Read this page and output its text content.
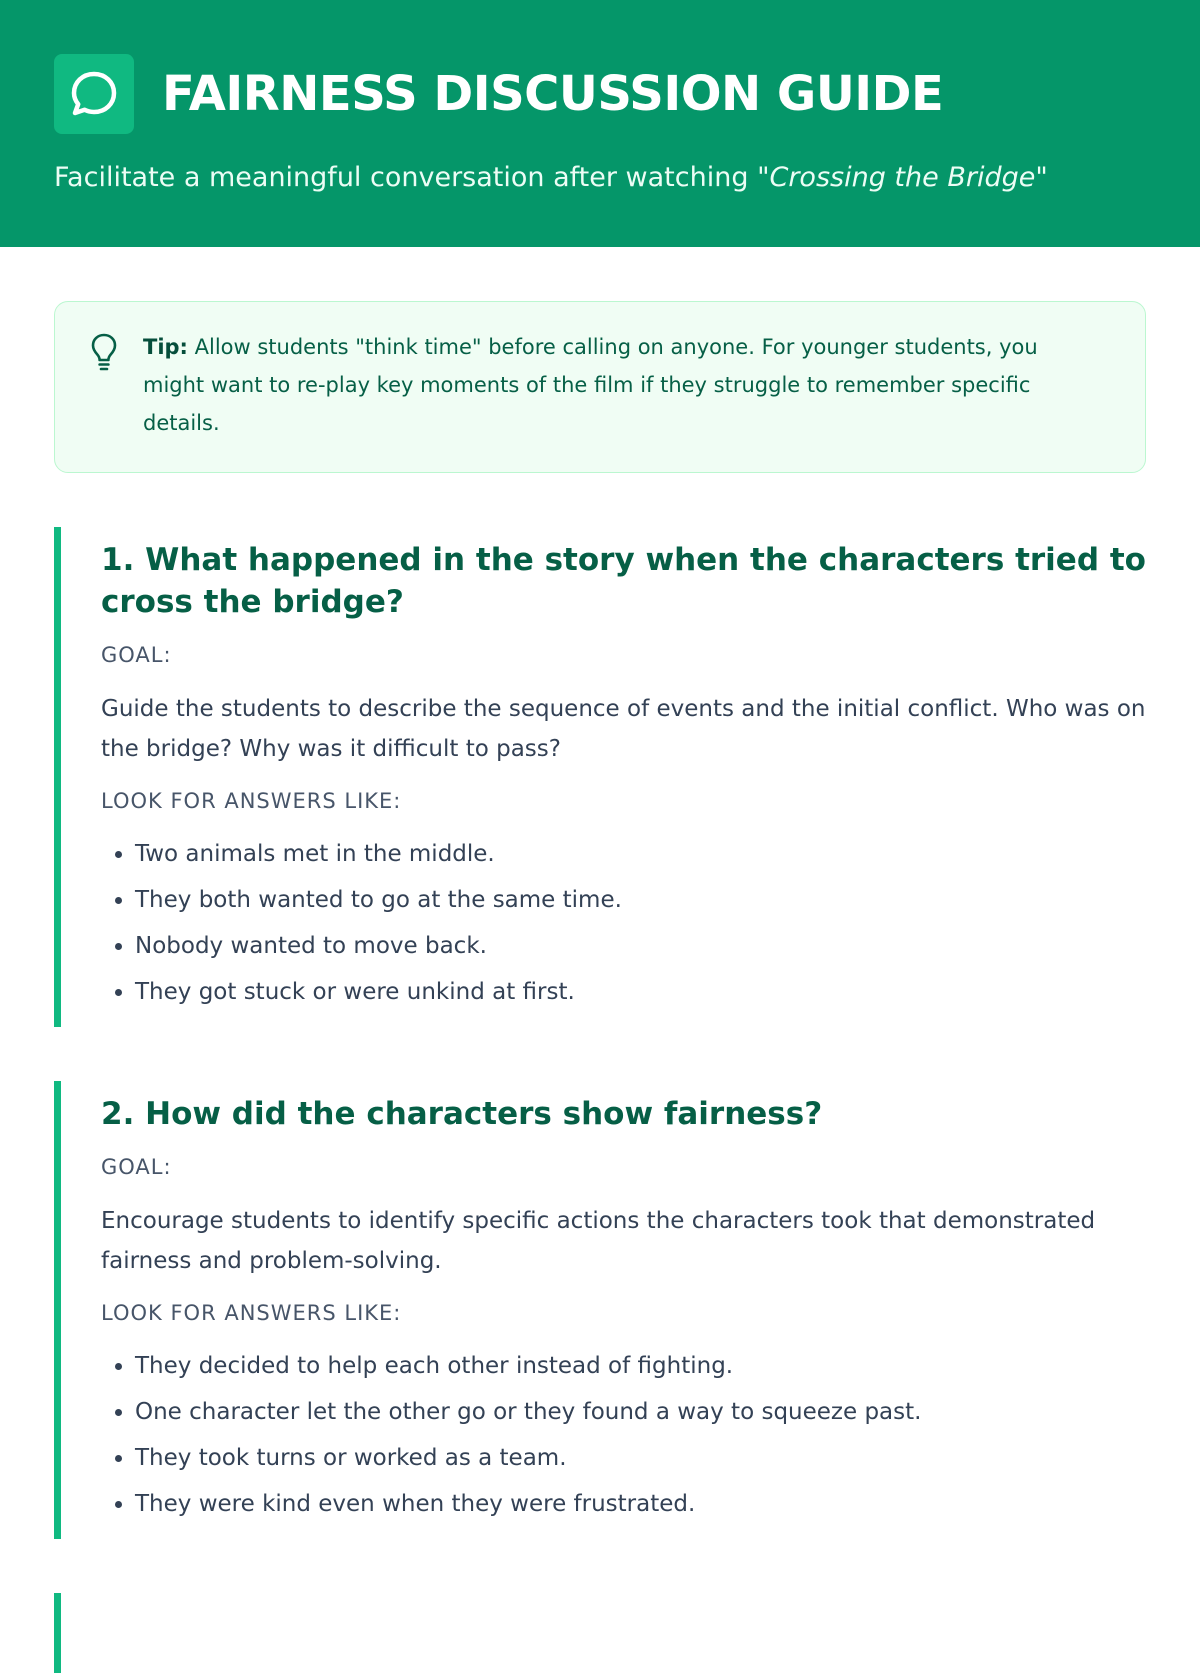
FAIRNESS DISCUSSION GUIDE
Facilitate a meaningful conversation after watching "Crossing the Bridge"
Tip: Allow students "think time" before calling on anyone. For younger students, you might want to re-play key moments of the film if they struggle to remember specific details.
1. What happened in the story when the characters tried to cross the bridge?
GOAL:
Guide the students to describe the sequence of events and the initial conflict. Who was on the bridge? Why was it difficult to pass?
LOOK FOR ANSWERS LIKE:
• Two animals met in the middle.
• They both wanted to go at the same time.
• Nobody wanted to move back.
• They got stuck or were unkind at first.
2. How did the characters show fairness?
GOAL:
Encourage students to identify specific actions the characters took that demonstrated fairness and problem-solving.
LOOK FOR ANSWERS LIKE:
• They decided to help each other instead of fighting.
• One character let the other go or they found a way to squeeze past.
• They took turns or worked as a team.
• They were kind even when they were frustrated.
